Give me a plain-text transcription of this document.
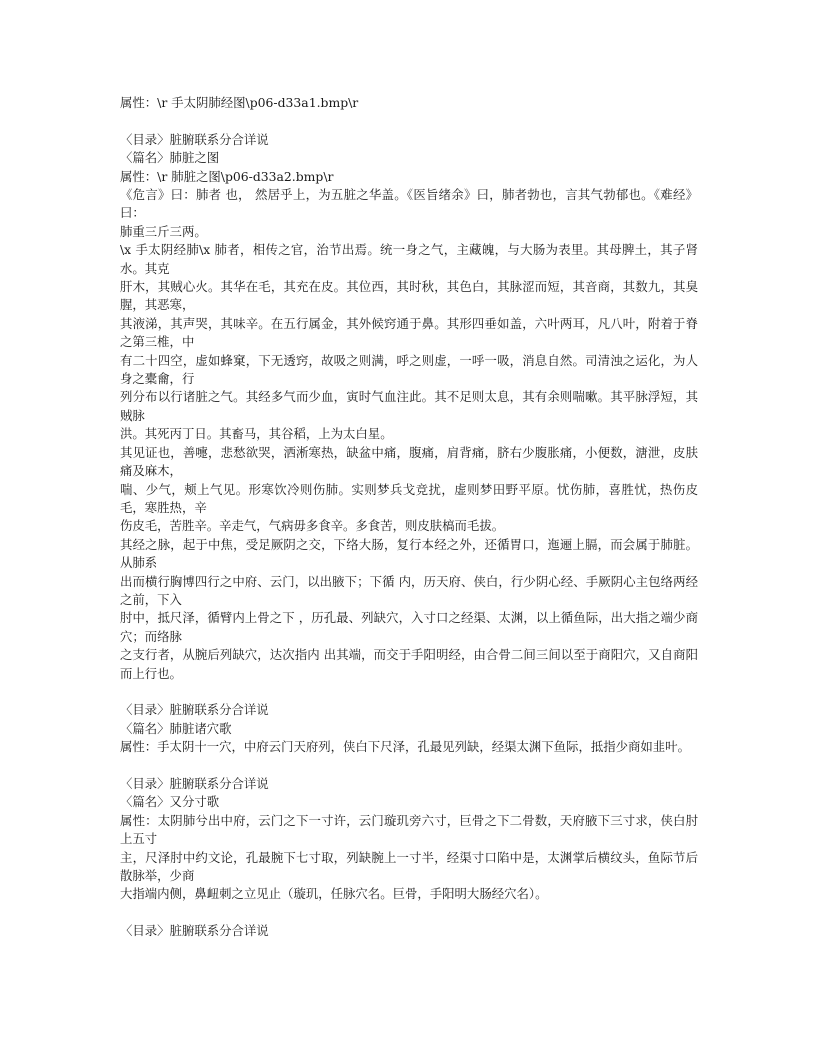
属性：\r 手太阴肺经图\p06-d33a1.bmp\r
〈目录〉脏腑联系分合详说
〈篇名〉肺脏之图
属性：\r 肺脏之图\p06-d33a2.bmp\r
《危言》曰：肺者 也， 然居乎上，为五脏之华盖。《医旨绪余》曰，肺者勃也，言其气勃郁也。《难经》曰：
肺重三斤三两。
\x 手太阴经肺\x 肺者，相传之官，治节出焉。统一身之气，主藏魄，与大肠为表里。其母脾土，其子肾水。其克
肝木，其贼心火。其华在毛，其充在皮。其位西，其时秋，其色白，其脉涩而短，其音商，其数九，其臭腥，其恶寒，
其液涕，其声哭，其味辛。在五行属金，其外候窍通于鼻。其形四垂如盖，六叶两耳，凡八叶，附着于脊之第三椎，中
有二十四空，虚如蜂窠，下无透窍，故吸之则满，呼之则虚，一呼一吸，消息自然。司清浊之运化，为人身之橐龠，行
列分布以行诸脏之气。其经多气而少血，寅时气血注此。其不足则太息，其有余则喘嗽。其平脉浮短，其贼脉
洪。其死丙丁日。其畜马，其谷稻，上为太白星。
其见证也，善嚏，悲愁欲哭，洒淅寒热，缺盆中痛，腹痛，肩背痛，脐右少腹胀痛，小便数，溏泄，皮肤痛及麻木，
喘、少气，颊上气见。形寒饮冷则伤肺。实则梦兵戈竞扰，虚则梦田野平原。忧伤肺，喜胜忧，热伤皮毛，寒胜热，辛
伤皮毛，苦胜辛。辛走气，气病毋多食辛。多食苦，则皮肤槁而毛拔。
其经之脉，起于中焦，受足厥阴之交，下络大肠，复行本经之外，还循胃口，迤逦上膈，而会属于肺脏。从肺系
出而横行胸博四行之中府、云门，以出腋下；下循 内，历天府、侠白，行少阴心经、手厥阴心主包络两经之前，下入
肘中，抵尺泽，循臂内上骨之下 ，历孔最、列缺穴，入寸口之经渠、太渊，以上循鱼际，出大指之端少商穴；而络脉
之支行者，从腕后列缺穴，达次指内 出其端，而交于手阳明经，由合骨二间三间以至于商阳穴，又自商阳而上行也。
〈目录〉脏腑联系分合详说
〈篇名〉肺脏诸穴歌
属性：手太阴十一穴，中府云门天府列，侠白下尺泽，孔最见列缺，经渠太渊下鱼际，抵指少商如韭叶。
〈目录〉脏腑联系分合详说
〈篇名〉又分寸歌
属性：太阴肺兮出中府，云门之下一寸许，云门璇玑旁六寸，巨骨之下二骨数，天府腋下三寸求，侠白肘上五寸
主，尺泽肘中约文论，孔最腕下七寸取，列缺腕上一寸半，经渠寸口陷中是，太渊掌后横纹头，鱼际节后散脉举，少商
大指端内侧，鼻衄刺之立见止（璇玑，任脉穴名。巨骨，手阳明大肠经穴名）。
〈目录〉脏腑联系分合详说
